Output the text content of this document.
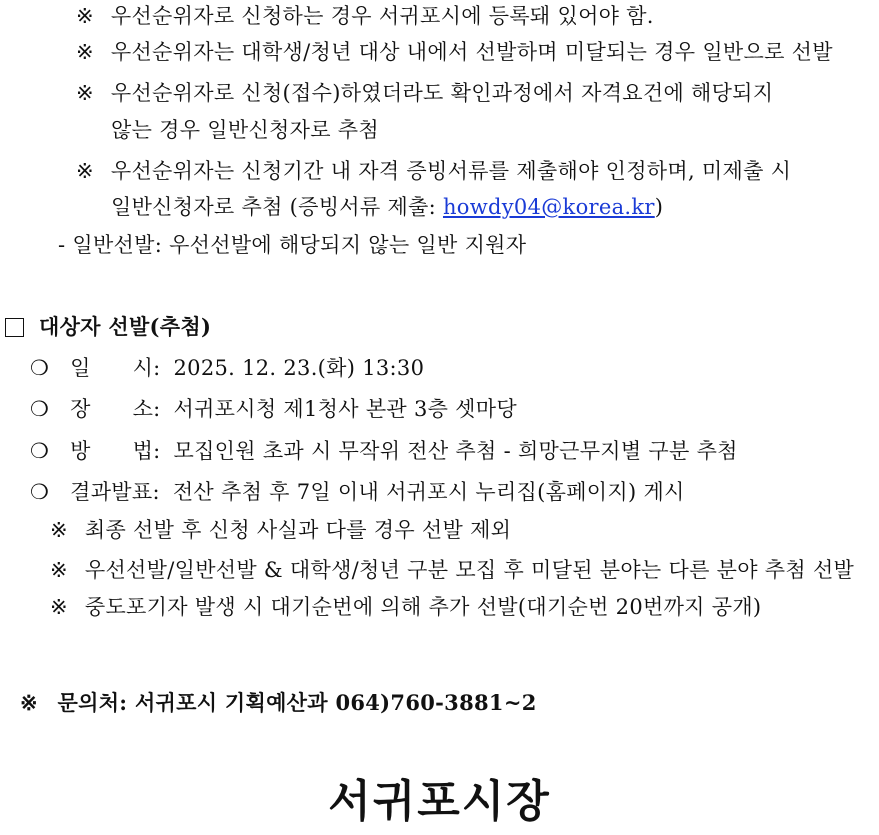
※ 우선순위자로 신청하는 경우 서귀포시에 등록돼 있어야 함.
※ 우선순위자는 대학생/청년 대상 내에서 선발하며 미달되는 경우 일반으로 선발
※ 우선순위자로 신청(접수)하였더라도 확인과정에서 자격요건에 해당되지
않는 경우 일반신청자로 추첨
※ 우선순위자는 신청기간 내 자격 증빙서류를 제출해야 인정하며, 미제출 시
일반신청자로 추첨 (증빙서류 제출: howdy04@korea.kr)
- 일반선발: 우선선발에 해당되지 않는 일반 지원자
대상자 선발(추첨)
❍ 일      시: 2025. 12. 23.(화) 13:30
❍ 장      소: 서귀포시청 제1청사 본관 3층 셋마당
❍ 방      법: 모집인원 초과 시 무작위 전산 추첨 - 희망근무지별 구분 추첨
❍ 결과발표: 전산 추첨 후 7일 이내 서귀포시 누리집(홈페이지) 게시
※ 최종 선발 후 신청 사실과 다를 경우 선발 제외
※ 우선선발/일반선발 & 대학생/청년 구분 모집 후 미달된 분야는 다른 분야 추첨 선발
※ 중도포기자 발생 시 대기순번에 의해 추가 선발(대기순번 20번까지 공개)
※ 문의처: 서귀포시 기획예산과 064)760-3881~2
서귀포시장
